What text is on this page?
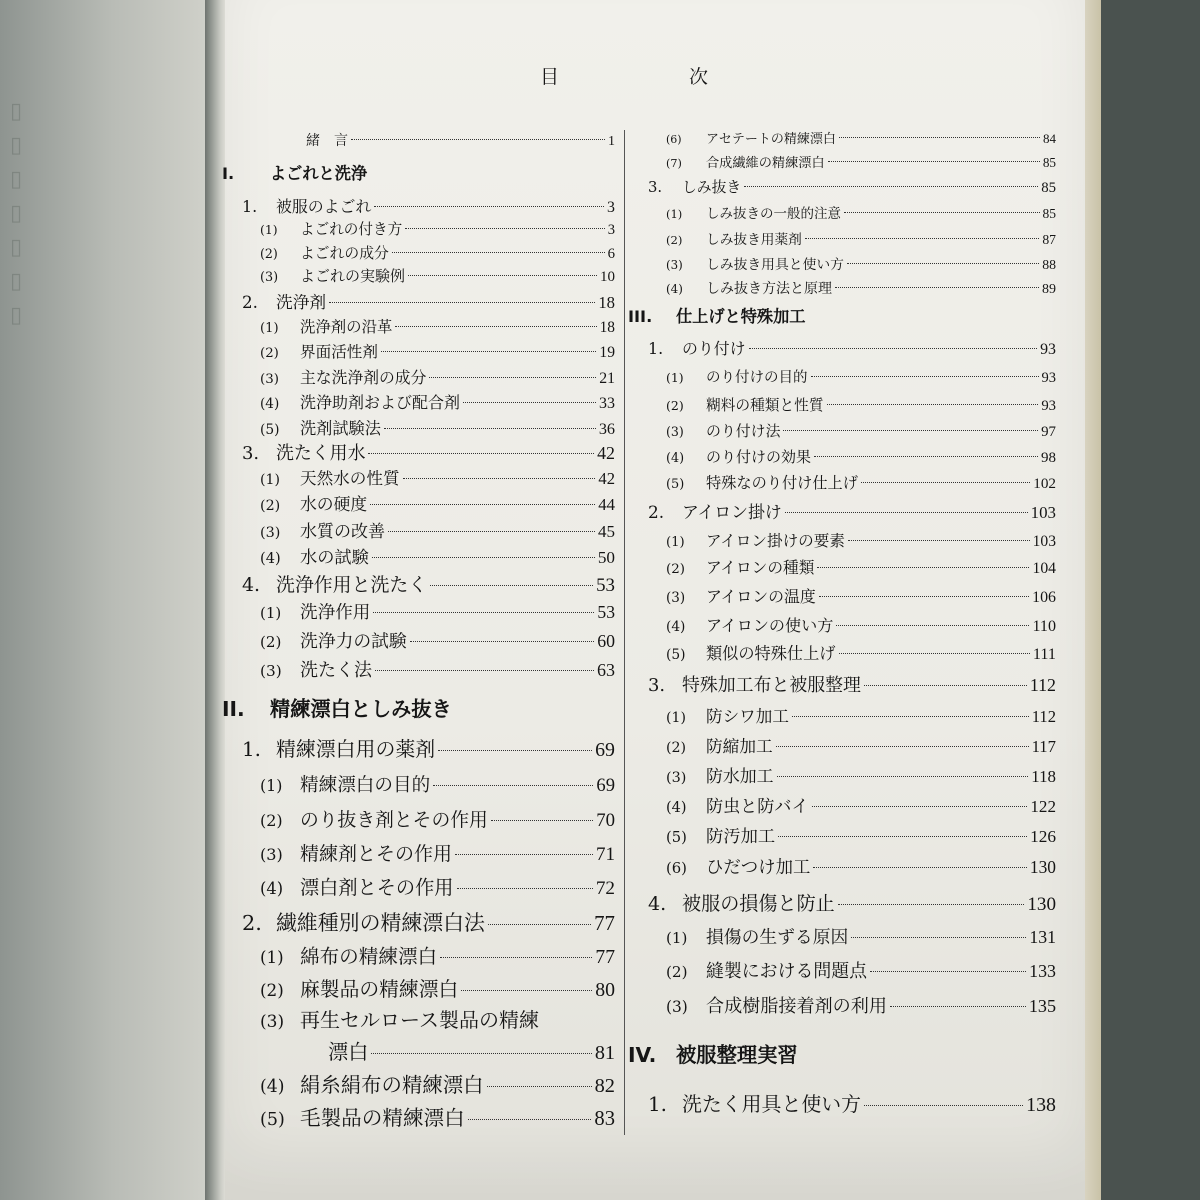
▯
▯
▯
▯
▯
▯
▯
目	次
緒　言	1
I.	よごれと洗浄
1.	被服のよごれ	3
(1)	よごれの付き方	3
(2)	よごれの成分	6
(3)	よごれの実験例	10
2.	洗浄剤	18
(1)	洗浄剤の沿革	18
(2)	界面活性剤	19
(3)	主な洗浄剤の成分	21
(4)	洗浄助剤および配合剤	33
(5)	洗剤試験法	36
3. 洗たく用水	42
(1)	天然水の性質	42
(2)	水の硬度	44
(3)	水質の改善	45
(4)	水の試験	50
4. 洗浄作用と洗たく	53
(1)	洗浄作用	53
(2)	洗浄力の試験	60
(3)	洗たく法	63
II.	精練漂白としみ抜き
1. 精練漂白用の薬剤	69
(1) 精練漂白の目的	69
(2) のり抜き剤とその作用	70
(3) 精練剤とその作用	71
(4) 漂白剤とその作用	72
2. 繊維種別の精練漂白法	77
(1) 綿布の精練漂白	77
(2) 麻製品の精練漂白	80
(3) 再生セルロース製品の精練
漂白	81
(4) 絹糸絹布の精練漂白	82
(5) 毛製品の精練漂白	83
(6)	アセテートの精練漂白	84
(7)	合成繊維の精練漂白	85
3.	しみ抜き	85
(1)	しみ抜きの一般的注意	85
(2)	しみ抜き用薬剤	87
(3)	しみ抜き用具と使い方	88
(4)	しみ抜き方法と原理	89
III.	仕上げと特殊加工
1.	のり付け	93
(1)	のり付けの目的	93
(2)	糊料の種類と性質	93
(3)	のり付け法	97
(4)	のり付けの効果	98
(5)	特殊なのり付け仕上げ	102
2.	アイロン掛け	103
(1)	アイロン掛けの要素	103
(2)	アイロンの種類	104
(3)	アイロンの温度	106
(4)	アイロンの使い方	110
(5)	類似の特殊仕上げ	111
3. 特殊加工布と被服整理	112
(1)	防シワ加工	112
(2)	防縮加工	117
(3)	防水加工	118
(4)	防虫と防バイ	122
(5)	防汚加工	126
(6)	ひだつけ加工	130
4. 被服の損傷と防止	130
(1)	損傷の生ずる原因	131
(2)	縫製における問題点	133
(3)	合成樹脂接着剤の利用	135
IV. 被服整理実習
1. 洗たく用具と使い方	138
